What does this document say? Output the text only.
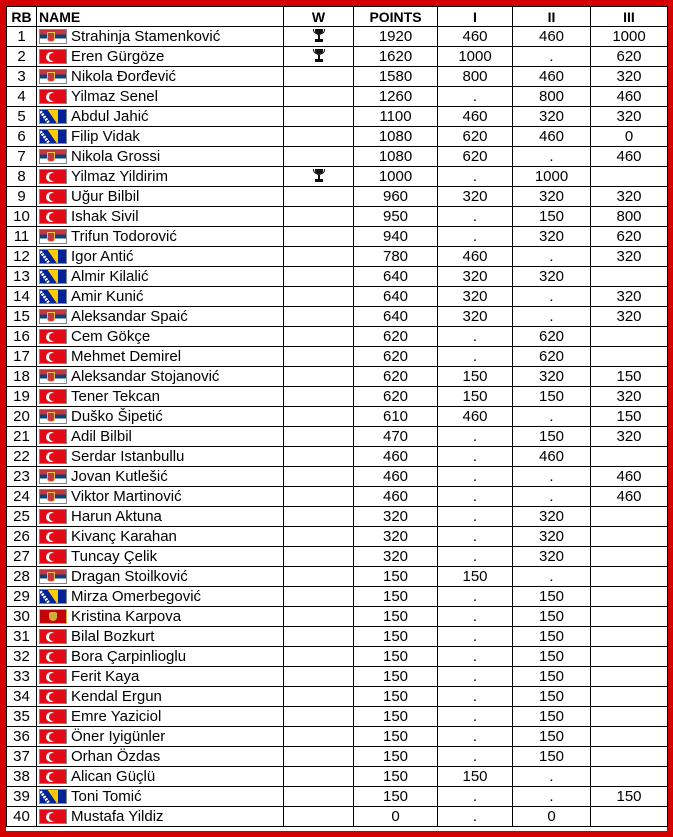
RB	NAME	W	POINTS	I	II	III
1	Strahinja Stamenković		1920	460	460	1000
2	Eren Gürgöze		1620	1000	.	620
3	Nikola Đorđević		1580	800	460	320
4	Yilmaz Senel		1260	.	800	460
5	Abdul Jahić		1100	460	320	320
6	Filip Vidak		1080	620	460	0
7	Nikola Grossi		1080	620	.	460
8	Yilmaz Yildirim		1000	.	1000	
9	Uğur Bilbil		960	320	320	320
10	Ishak Sivil		950	.	150	800
11	Trifun Todorović		940	.	320	620
12	Igor Antić		780	460	.	320
13	Almir Kilalić		640	320	320	
14	Amir Kunić		640	320	.	320
15	Aleksandar Spaić		640	320	.	320
16	Cem Gökçe		620	.	620	
17	Mehmet Demirel		620	.	620	
18	Aleksandar Stojanović		620	150	320	150
19	Tener Tekcan		620	150	150	320
20	Duško Šipetić		610	460	.	150
21	Adil Bilbil		470	.	150	320
22	Serdar Istanbullu		460	.	460	
23	Jovan Kutlešić		460	.	.	460
24	Viktor Martinović		460	.	.	460
25	Harun Aktuna		320	.	320	
26	Kivanç Karahan		320	.	320	
27	Tuncay Çelik		320	.	320	
28	Dragan Stoilković		150	150	.	
29	Mirza Omerbegović		150	.	150	
30	Kristina Karpova		150	.	150	
31	Bilal Bozkurt		150	.	150	
32	Bora Çarpinlioglu		150	.	150	
33	Ferit Kaya		150	.	150	
34	Kendal Ergun		150	.	150	
35	Emre Yaziciol		150	.	150	
36	Öner Iyigünler		150	.	150	
37	Orhan Özdas		150	.	150	
38	Alican Güçlü		150	150	.	
39	Toni Tomić		150	.	.	150
40	Mustafa Yildiz		0	.	0	
